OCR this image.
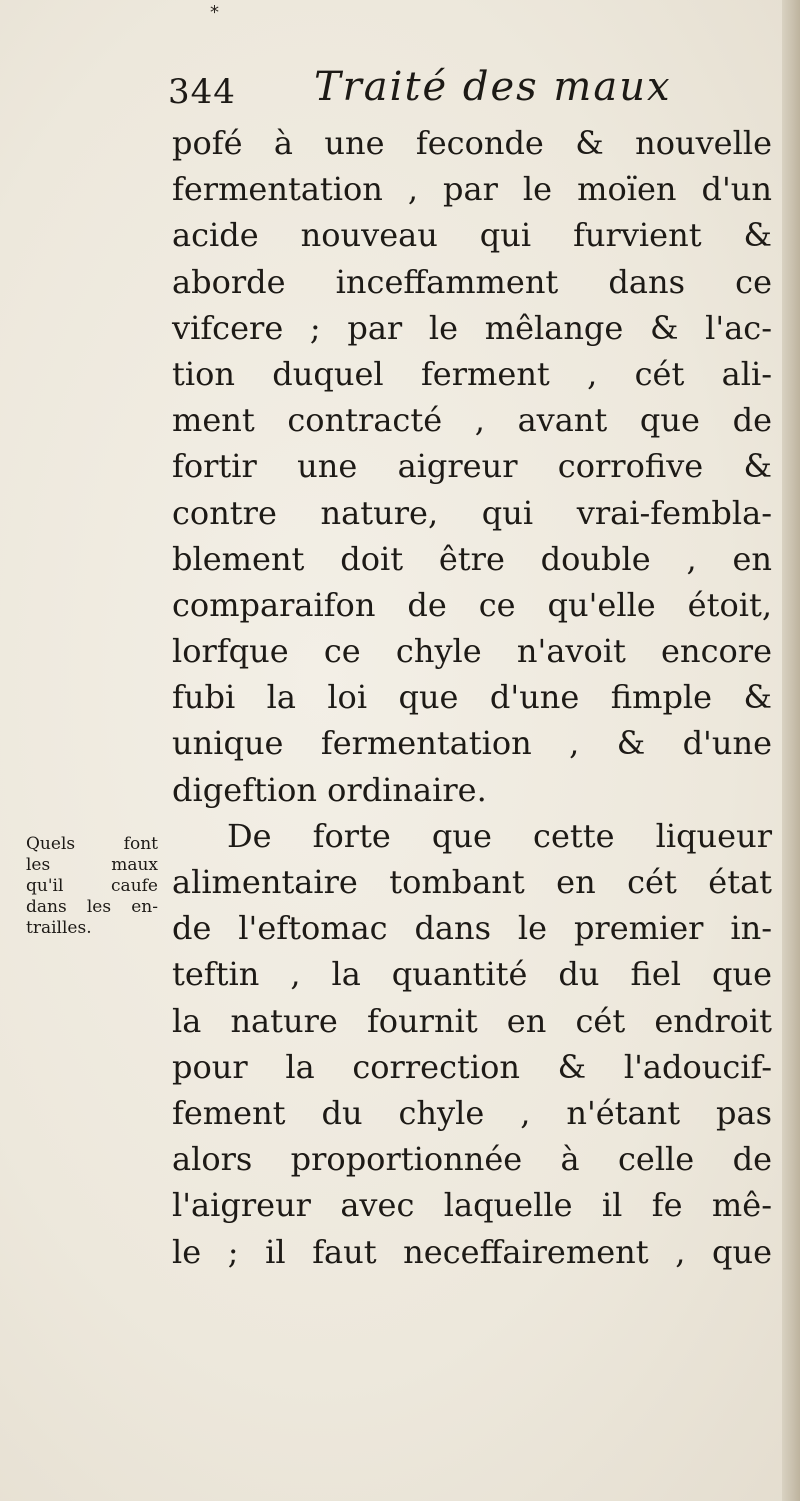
*
344 Traité des maux
pofé à une feconde & nouvelle
fermentation , par le moïen d'un
acide nouveau qui furvient &
aborde inceffamment dans ce
vifcere ; par le mêlange & l'ac-
tion duquel ferment , cét ali-
ment contracté , avant que de
fortir une aigreur corrofive &
contre nature, qui vrai-fembla-
blement doit être double , en
comparaifon de ce qu'elle étoit,
lorfque ce chyle n'avoit encore
fubi la loi que d'une fimple &
unique fermentation , & d'une
digeftion ordinaire.
De forte que cette liqueur
alimentaire tombant en cét état
de l'eftomac dans le premier in-
teftin , la quantité du fiel que
la nature fournit en cét endroit
pour la correction & l'adoucif-
fement du chyle , n'étant pas
alors proportionnée à celle de
l'aigreur avec laquelle il fe mê-
le ; il faut neceffairement , que
Quels font
les maux
qu'il caufe
dans les en-
trailles.
